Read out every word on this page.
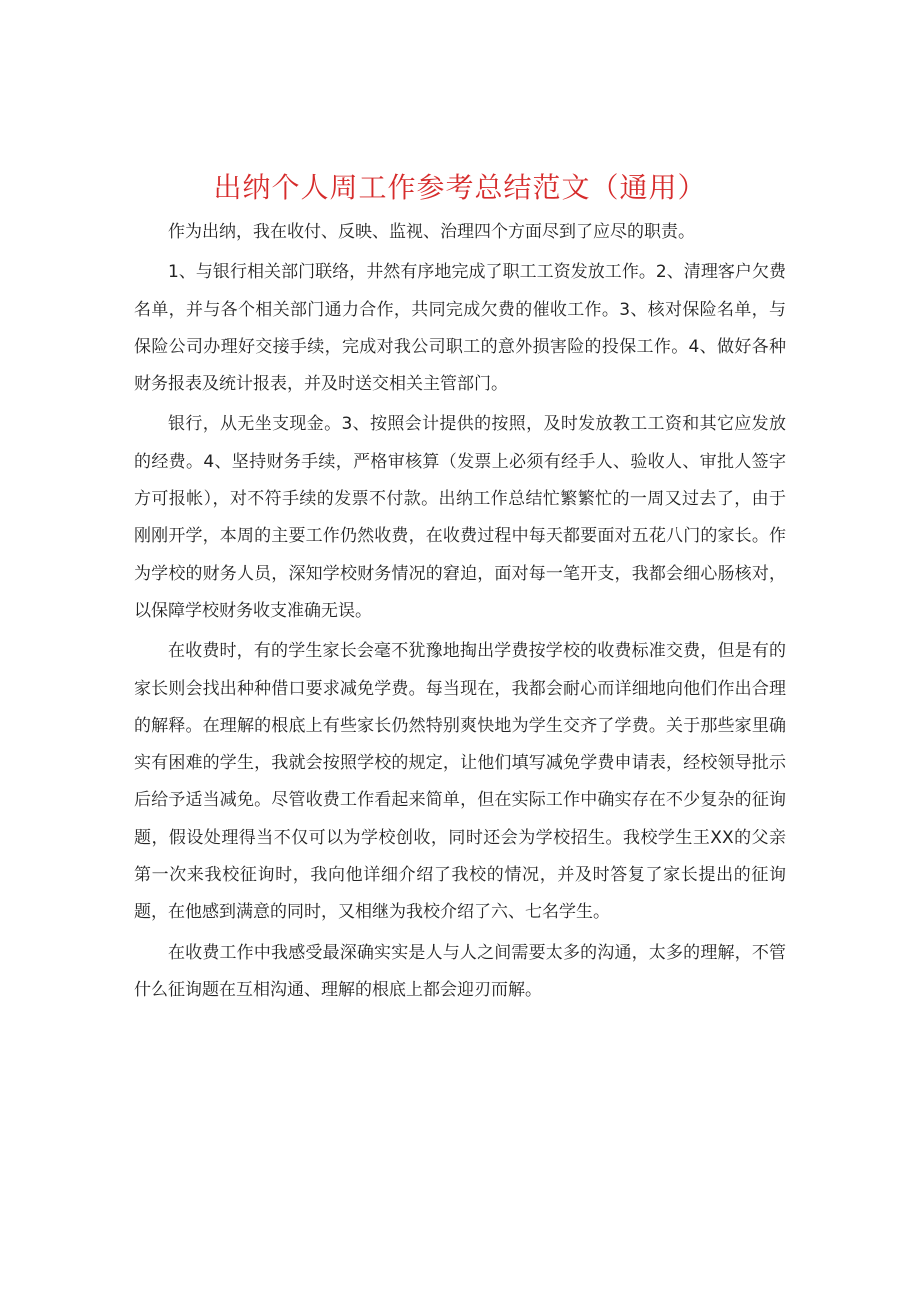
出纳个人周工作参考总结范文（通用）

作为出纳，我在收付、反映、监视、治理四个方面尽到了应尽的职责。

1、与银行相关部门联络，井然有序地完成了职工工资发放工作。2、清理客户欠费名单，并与各个相关部门通力合作，共同完成欠费的催收工作。3、核对保险名单，与保险公司办理好交接手续，完成对我公司职工的意外损害险的投保工作。4、做好各种财务报表及统计报表，并及时送交相关主管部门。

银行，从无坐支现金。3、按照会计提供的按照，及时发放教工工资和其它应发放的经费。4、坚持财务手续，严格审核算（发票上必须有经手人、验收人、审批人签字方可报帐），对不符手续的发票不付款。出纳工作总结忙繁繁忙的一周又过去了，由于刚刚开学，本周的主要工作仍然收费，在收费过程中每天都要面对五花八门的家长。作为学校的财务人员，深知学校财务情况的窘迫，面对每一笔开支，我都会细心肠核对，以保障学校财务收支准确无误。

在收费时，有的学生家长会毫不犹豫地掏出学费按学校的收费标准交费，但是有的家长则会找出种种借口要求减免学费。每当现在，我都会耐心而详细地向他们作出合理的解释。在理解的根底上有些家长仍然特别爽快地为学生交齐了学费。关于那些家里确实有困难的学生，我就会按照学校的规定，让他们填写减免学费申请表，经校领导批示后给予适当减免。尽管收费工作看起来简单，但在实际工作中确实存在不少复杂的征询题，假设处理得当不仅可以为学校创收，同时还会为学校招生。我校学生王XX的父亲第一次来我校征询时，我向他详细介绍了我校的情况，并及时答复了家长提出的征询题，在他感到满意的同时，又相继为我校介绍了六、七名学生。

在收费工作中我感受最深确实实是人与人之间需要太多的沟通，太多的理解，不管什么征询题在互相沟通、理解的根底上都会迎刃而解。
